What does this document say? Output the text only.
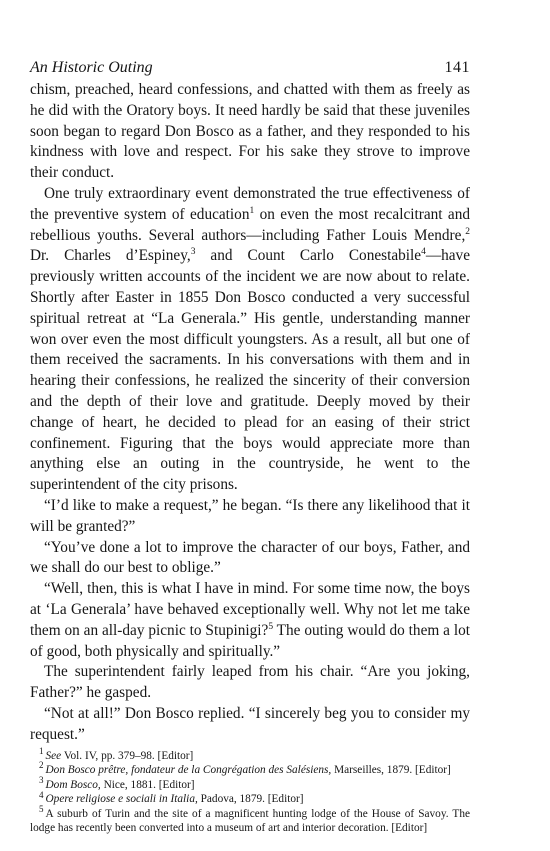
An Historic Outing	141

chism, preached, heard confessions, and chatted with them as freely as he did with the Oratory boys. It need hardly be said that these juveniles soon began to regard Don Bosco as a father, and they responded to his kindness with love and respect. For his sake they strove to improve their conduct.

One truly extraordinary event demonstrated the true effectiveness of the preventive system of education$^1$ on even the most recalcitrant and rebellious youths. Several authors—including Father Louis Mendre,$^2$ Dr. Charles d’Espiney,$^3$ and Count Carlo Conestabile$^4$—have previously written accounts of the incident we are now about to relate. Shortly after Easter in 1855 Don Bosco conducted a very successful spiritual retreat at “La Generala.” His gentle, understanding manner won over even the most difficult youngsters. As a result, all but one of them received the sacraments. In his conversations with them and in hearing their confessions, he realized the sincerity of their conversion and the depth of their love and gratitude. Deeply moved by their change of heart, he decided to plead for an easing of their strict confinement. Figuring that the boys would appreciate more than anything else an outing in the countryside, he went to the superintendent of the city prisons.

“I’d like to make a request,” he began. “Is there any likelihood that it will be granted?”

“You’ve done a lot to improve the character of our boys, Father, and we shall do our best to oblige.”

“Well, then, this is what I have in mind. For some time now, the boys at ‘La Generala’ have behaved exceptionally well. Why not let me take them on an all-day picnic to Stupinigi?$^5$ The outing would do them a lot of good, both physically and spiritually.”

The superintendent fairly leaped from his chair. “Are you joking, Father?” he gasped.

“Not at all!” Don Bosco replied. “I sincerely beg you to consider my request.”

$^1$ See Vol. IV, pp. 379–98. [Editor]

$^2$ Don Bosco prêtre, fondateur de la Congrégation des Salésiens, Marseilles, 1879. [Editor]

$^3$ Dom Bosco, Nice, 1881. [Editor]

$^4$ Opere religiose e sociali in Italia, Padova, 1879. [Editor]

$^5$ A suburb of Turin and the site of a magnificent hunting lodge of the House of Savoy. The lodge has recently been converted into a museum of art and interior decoration. [Editor]
